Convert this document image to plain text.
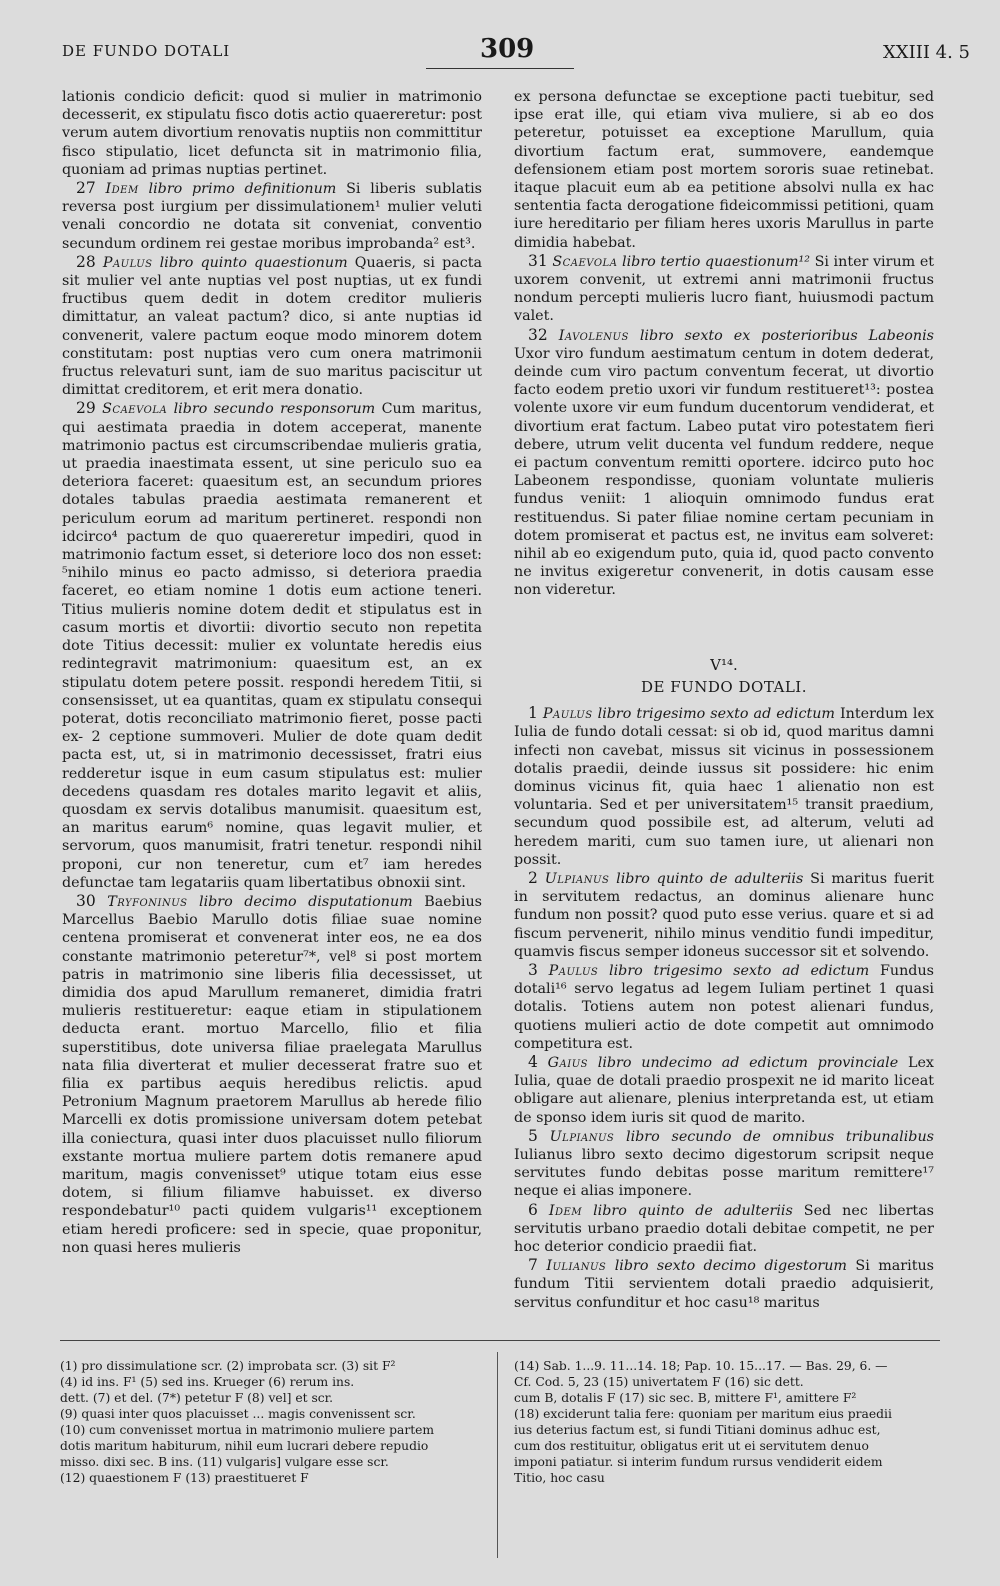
DE FUNDO DOTALI	309	XXIII 4. 5

lationis condicio deficit: quod si mulier in matrimonio decesserit, ex stipulatu fisco dotis actio quaereretur: post verum autem divortium renovatis nuptiis non committitur fisco stipulatio, licet defuncta sit in matrimonio filia, quoniam ad primas nuptias pertinet.

27 Idem libro primo definitionum Si liberis sublatis reversa post iurgium per dissimulationem¹ mulier veluti venali concordio ne dotata sit conveniat, conventio secundum ordinem rei gestae moribus improbanda² est³.

28 Paulus libro quinto quaestionum Quaeris, si pacta sit mulier vel ante nuptias vel post nuptias, ut ex fundi fructibus quem dedit in dotem creditor mulieris dimittatur, an valeat pactum? dico, si ante nuptias id convenerit, valere pactum eoque modo minorem dotem constitutam: post nuptias vero cum onera matrimonii fructus relevaturi sunt, iam de suo maritus paciscitur ut dimittat creditorem, et erit mera donatio.

29 Scaevola libro secundo responsorum Cum maritus, qui aestimata praedia in dotem acceperat, manente matrimonio pactus est circumscribendae mulieris gratia, ut praedia inaestimata essent, ut sine periculo suo ea deteriora faceret: quaesitum est, an secundum priores dotales tabulas praedia aestimata remanerent et periculum eorum ad maritum pertineret. respondi non idcirco⁴ pactum de quo quaereretur impediri, quod in matrimonio factum esset, si deteriore loco dos non esset: ⁵nihilo minus eo pacto admisso, si deteriora praedia faceret, eo etiam nomine 1 dotis eum actione teneri. Titius mulieris nomine dotem dedit et stipulatus est in casum mortis et divortii: divortio secuto non repetita dote Titius decessit: mulier ex voluntate heredis eius redintegravit matrimonium: quaesitum est, an ex stipulatu dotem petere possit. respondi heredem Titii, si consensisset, ut ea quantitas, quam ex stipulatu consequi poterat, dotis reconciliato matrimonio fieret, posse pacti ex- 2 ceptione summoveri. Mulier de dote quam dedit pacta est, ut, si in matrimonio decessisset, fratri eius redderetur isque in eum casum stipulatus est: mulier decedens quasdam res dotales marito legavit et aliis, quosdam ex servis dotalibus manumisit. quaesitum est, an maritus earum⁶ nomine, quas legavit mulier, et servorum, quos manumisit, fratri tenetur. respondi nihil proponi, cur non teneretur, cum et⁷ iam heredes defunctae tam legatariis quam libertatibus obnoxii sint.

30 Tryfoninus libro decimo disputationum Baebius Marcellus Baebio Marullo dotis filiae suae nomine centena promiserat et convenerat inter eos, ne ea dos constante matrimonio peteretur⁷*, vel⁸ si post mortem patris in matrimonio sine liberis filia decessisset, ut dimidia dos apud Marullum remaneret, dimidia fratri mulieris restitueretur: eaque etiam in stipulationem deducta erant. mortuo Marcello, filio et filia superstitibus, dote universa filiae praelegata Marullus nata filia diverterat et mulier decesserat fratre suo et filia ex partibus aequis heredibus relictis. apud Petronium Magnum praetorem Marullus ab herede filio Marcelli ex dotis promissione universam dotem petebat illa coniectura, quasi inter duos placuisset nullo filiorum exstante mortua muliere partem dotis remanere apud maritum, magis convenisset⁹ utique totam eius esse dotem, si filium filiamve habuisset. ex diverso respondebatur¹⁰ pacti quidem vulgaris¹¹ exceptionem etiam heredi proficere: sed in specie, quae proponitur, non quasi heres mulieris

ex persona defunctae se exceptione pacti tuebitur, sed ipse erat ille, qui etiam viva muliere, si ab eo dos peteretur, potuisset ea exceptione Marullum, quia divortium factum erat, summovere, eandemque defensionem etiam post mortem sororis suae retinebat. itaque placuit eum ab ea petitione absolvi nulla ex hac sententia facta derogatione fideicommissi petitioni, quam iure hereditario per filiam heres uxoris Marullus in parte dimidia habebat.

31 Scaevola libro tertio quaestionum¹² Si inter virum et uxorem convenit, ut extremi anni matrimonii fructus nondum percepti mulieris lucro fiant, huiusmodi pactum valet.

32 Iavolenus libro sexto ex posterioribus Labeonis Uxor viro fundum aestimatum centum in dotem dederat, deinde cum viro pactum conventum fecerat, ut divortio facto eodem pretio uxori vir fundum restitueret¹³: postea volente uxore vir eum fundum ducentorum vendiderat, et divortium erat factum. Labeo putat viro potestatem fieri debere, utrum velit ducenta vel fundum reddere, neque ei pactum conventum remitti oportere. idcirco puto hoc Labeonem respondisse, quoniam voluntate mulieris fundus veniit: 1 alioquin omnimodo fundus erat restituendus. Si pater filiae nomine certam pecuniam in dotem promiserat et pactus est, ne invitus eam solveret: nihil ab eo exigendum puto, quia id, quod pacto convento ne invitus exigeretur convenerit, in dotis causam esse non videretur.

V¹⁴.
DE FUNDO DOTALI.

1 Paulus libro trigesimo sexto ad edictum Interdum lex Iulia de fundo dotali cessat: si ob id, quod maritus damni infecti non cavebat, missus sit vicinus in possessionem dotalis praedii, deinde iussus sit possidere: hic enim dominus vicinus fit, quia haec 1 alienatio non est voluntaria. Sed et per universitatem¹⁵ transit praedium, secundum quod possibile est, ad alterum, veluti ad heredem mariti, cum suo tamen iure, ut alienari non possit.

2 Ulpianus libro quinto de adulteriis Si maritus fuerit in servitutem redactus, an dominus alienare hunc fundum non possit? quod puto esse verius. quare et si ad fiscum pervenerit, nihilo minus venditio fundi impeditur, quamvis fiscus semper idoneus successor sit et solvendo.

3 Paulus libro trigesimo sexto ad edictum Fundus dotali¹⁶ servo legatus ad legem Iuliam pertinet 1 quasi dotalis. Totiens autem non potest alienari fundus, quotiens mulieri actio de dote competit aut omnimodo competitura est.

4 Gaius libro undecimo ad edictum provinciale Lex Iulia, quae de dotali praedio prospexit ne id marito liceat obligare aut alienare, plenius interpretanda est, ut etiam de sponso idem iuris sit quod de marito.

5 Ulpianus libro secundo de omnibus tribunalibus Iulianus libro sexto decimo digestorum scripsit neque servitutes fundo debitas posse maritum remittere¹⁷ neque ei alias imponere.

6 Idem libro quinto de adulteriis Sed nec libertas servitutis urbano praedio dotali debitae competit, ne per hoc deterior condicio praedii fiat.

7 Iulianus libro sexto decimo digestorum Si maritus fundum Titii servientem dotali praedio adquisierit, servitus confunditur et hoc casu¹⁸ maritus

(1) pro dissimulatione scr. (2) improbata scr. (3) sit F²

(4) id ins. F¹ (5) sed ins. Krueger (6) rerum ins.

dett. (7) et del. (7*) petetur F (8) vel] et scr.

(9) quasi inter quos placuisset ... magis convenissent scr.

(10) cum convenisset mortua in matrimonio muliere partem

dotis maritum habiturum, nihil eum lucrari debere repudio

misso. dixi sec. B ins. (11) vulgaris] vulgare esse scr.

(12) quaestionem F (13) praestitueret F

(14) Sab. 1...9. 11...14. 18; Pap. 10. 15...17. — Bas. 29, 6. —

Cf. Cod. 5, 23 (15) univertatem F (16) sic dett.

cum B, dotalis F (17) sic sec. B, mittere F¹, amittere F²

(18) exciderunt talia fere: quoniam per maritum eius praedii

ius deterius factum est, si fundi Titiani dominus adhuc est,

cum dos restituitur, obligatus erit ut ei servitutem denuo

imponi patiatur. si interim fundum rursus vendiderit eidem

Titio, hoc casu
